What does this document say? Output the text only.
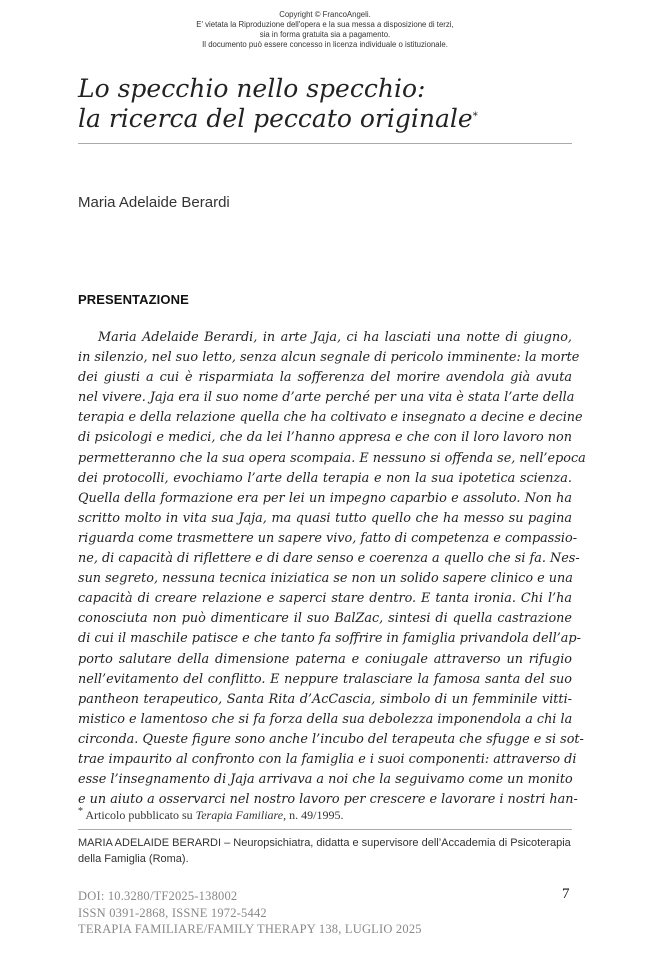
Copyright © FrancoAngeli.
E' vietata la Riproduzione dell'opera e la sua messa a disposizione di terzi,
sia in forma gratuita sia a pagamento.
Il documento può essere concesso in licenza individuale o istituzionale.
Lo specchio nello specchio:
la ricerca del peccato originale*
Maria Adelaide Berardi
PRESENTAZIONE
Maria Adelaide Berardi, in arte Jaja, ci ha lasciati una notte di giugno,
in silenzio, nel suo letto, senza alcun segnale di pericolo imminente: la morte
dei giusti a cui è risparmiata la sofferenza del morire avendola già avuta
nel vivere. Jaja era il suo nome d’arte perché per una vita è stata l’arte della
terapia e della relazione quella che ha coltivato e insegnato a decine e decine
di psicologi e medici, che da lei l’hanno appresa e che con il loro lavoro non
permetteranno che la sua opera scompaia. E nessuno si offenda se, nell’epoca
dei protocolli, evochiamo l’arte della terapia e non la sua ipotetica scienza.
Quella della formazione era per lei un impegno caparbio e assoluto. Non ha
scritto molto in vita sua Jaja, ma quasi tutto quello che ha messo su pagina
riguarda come trasmettere un sapere vivo, fatto di competenza e compassio-
ne, di capacità di riflettere e di dare senso e coerenza a quello che si fa. Nes-
sun segreto, nessuna tecnica iniziatica se non un solido sapere clinico e una
capacità di creare relazione e saperci stare dentro. E tanta ironia. Chi l’ha
conosciuta non può dimenticare il suo BalZac, sintesi di quella castrazione
di cui il maschile patisce e che tanto fa soffrire in famiglia privandola dell’ap-
porto salutare della dimensione paterna e coniugale attraverso un rifugio
nell’evitamento del conflitto. E neppure tralasciare la famosa santa del suo
pantheon terapeutico, Santa Rita d’AcCascia, simbolo di un femminile vitti-
mistico e lamentoso che si fa forza della sua debolezza imponendola a chi la
circonda. Queste figure sono anche l’incubo del terapeuta che sfugge e si sot-
trae impaurito al confronto con la famiglia e i suoi componenti: attraverso di
esse l’insegnamento di Jaja arrivava a noi che la seguivamo come un monito
e un aiuto a osservarci nel nostro lavoro per crescere e lavorare i nostri han-
* Articolo pubblicato su Terapia Familiare, n. 49/1995.
MARIA ADELAIDE BERARDI – Neuropsichiatra, didatta e supervisore dell’Accademia di Psicoterapia
della Famiglia (Roma).
DOI: 10.3280/TF2025-138002
ISSN 0391-2868, ISSNE 1972-5442
TERAPIA FAMILIARE/FAMILY THERAPY 138, LUGLIO 2025
7
